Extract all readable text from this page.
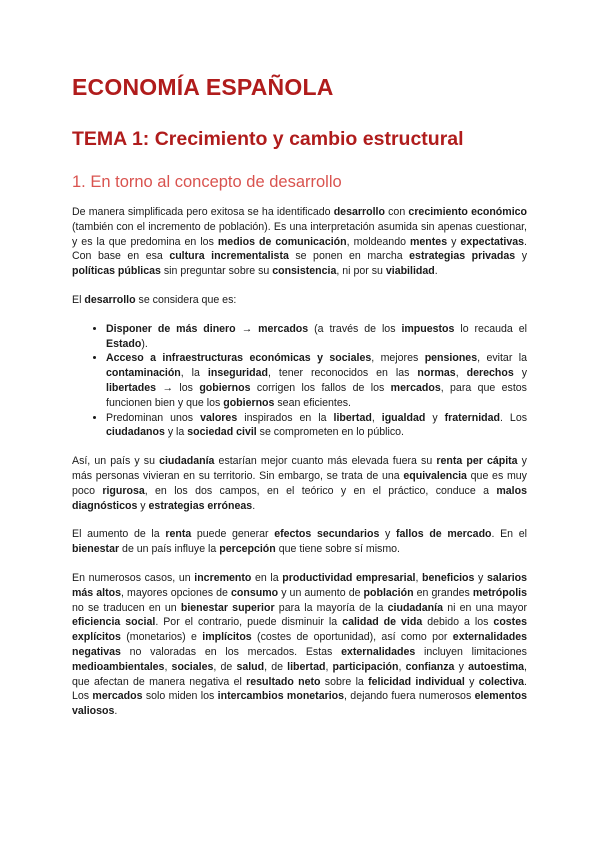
ECONOMÍA ESPAÑOLA
TEMA 1: Crecimiento y cambio estructural
1. En torno al concepto de desarrollo

De manera simplificada pero exitosa se ha identificado desarrollo con crecimiento económico (también con el incremento de población). Es una interpretación asumida sin apenas cuestionar, y es la que predomina en los medios de comunicación, moldeando mentes y expectativas. Con base en esa cultura incrementalista se ponen en marcha estrategias privadas y políticas públicas sin preguntar sobre su consistencia, ni por su viabilidad.

El desarrollo se considera que es:

• Disponer de más dinero → mercados (a través de los impuestos lo recauda el Estado).
• Acceso a infraestructuras económicas y sociales, mejores pensiones, evitar la contaminación, la inseguridad, tener reconocidos en las normas, derechos y libertades → los gobiernos corrigen los fallos de los mercados, para que estos funcionen bien y que los gobiernos sean eficientes.
• Predominan unos valores inspirados en la libertad, igualdad y fraternidad. Los ciudadanos y la sociedad civil se comprometen en lo público.

Así, un país y su ciudadanía estarían mejor cuanto más elevada fuera su renta per cápita y más personas vivieran en su territorio. Sin embargo, se trata de una equivalencia que es muy poco rigurosa, en los dos campos, en el teórico y en el práctico, conduce a malos diagnósticos y estrategias erróneas.

El aumento de la renta puede generar efectos secundarios y fallos de mercado. En el bienestar de un país influye la percepción que tiene sobre sí mismo.

En numerosos casos, un incremento en la productividad empresarial, beneficios y salarios más altos, mayores opciones de consumo y un aumento de población en grandes metrópolis no se traducen en un bienestar superior para la mayoría de la ciudadanía ni en una mayor eficiencia social. Por el contrario, puede disminuir la calidad de vida debido a los costes explícitos (monetarios) e implícitos (costes de oportunidad), así como por externalidades negativas no valoradas en los mercados. Estas externalidades incluyen limitaciones medioambientales, sociales, de salud, de libertad, participación, confianza y autoestima, que afectan de manera negativa el resultado neto sobre la felicidad individual y colectiva. Los mercados solo miden los intercambios monetarios, dejando fuera numerosos elementos valiosos.
